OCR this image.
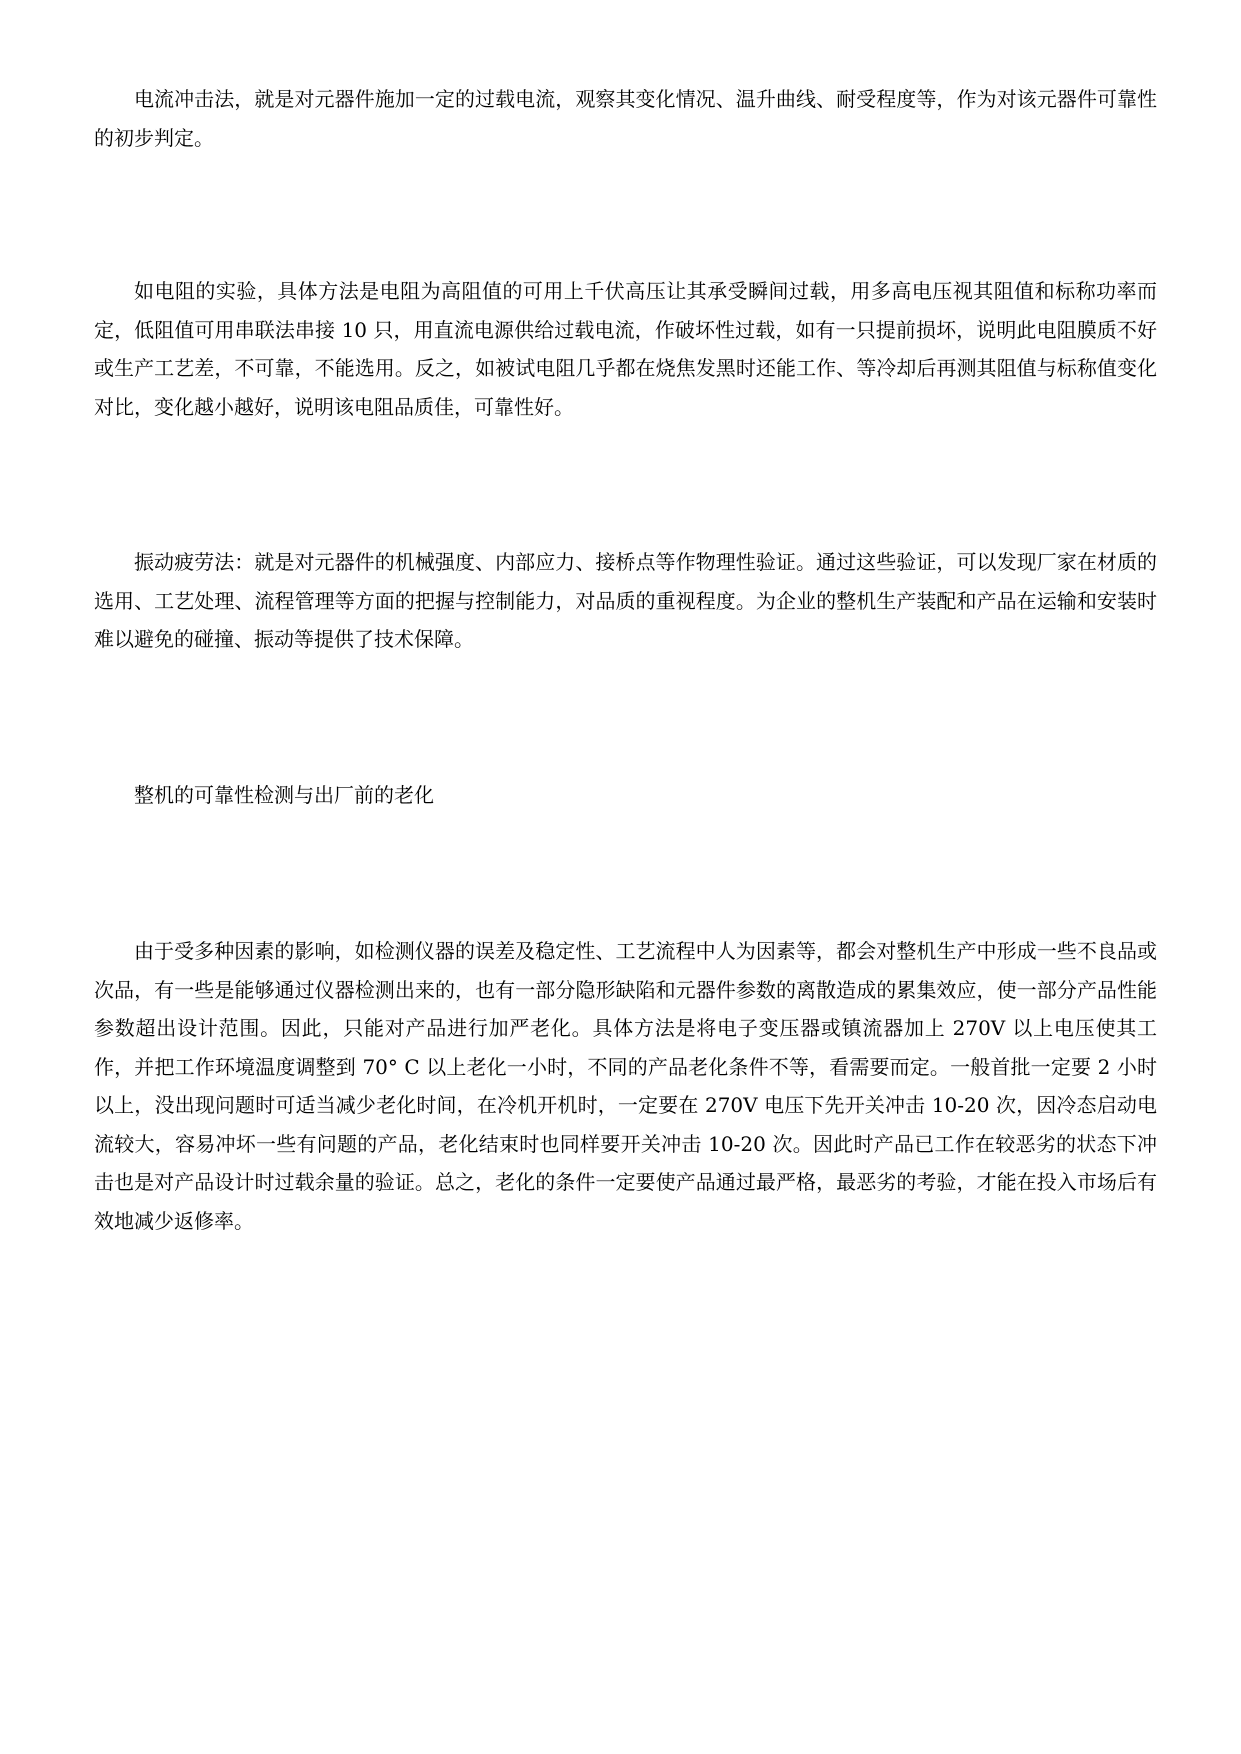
电流冲击法，就是对元器件施加一定的过载电流，观察其变化情况、温升曲线、耐受程度等，作为对该元器件可靠性的初步判定。

如电阻的实验，具体方法是电阻为高阻值的可用上千伏高压让其承受瞬间过载，用多高电压视其阻值和标称功率而定，低阻值可用串联法串接 10 只，用直流电源供给过载电流，作破坏性过载，如有一只提前损坏，说明此电阻膜质不好或生产工艺差，不可靠，不能选用。反之，如被试电阻几乎都在烧焦发黑时还能工作、等冷却后再测其阻值与标称值变化对比，变化越小越好，说明该电阻品质佳，可靠性好。

振动疲劳法：就是对元器件的机械强度、内部应力、接桥点等作物理性验证。通过这些验证，可以发现厂家在材质的选用、工艺处理、流程管理等方面的把握与控制能力，对品质的重视程度。为企业的整机生产装配和产品在运输和安装时难以避免的碰撞、振动等提供了技术保障。

整机的可靠性检测与出厂前的老化

由于受多种因素的影响，如检测仪器的误差及稳定性、工艺流程中人为因素等，都会对整机生产中形成一些不良品或次品，有一些是能够通过仪器检测出来的，也有一部分隐形缺陷和元器件参数的离散造成的累集效应，使一部分产品性能参数超出设计范围。因此，只能对产品进行加严老化。具体方法是将电子变压器或镇流器加上 270V 以上电压使其工作，并把工作环境温度调整到 70° C 以上老化一小时，不同的产品老化条件不等，看需要而定。一般首批一定要 2 小时以上，没出现问题时可适当减少老化时间，在冷机开机时，一定要在 270V 电压下先开关冲击 10-20 次，因冷态启动电流较大，容易冲坏一些有问题的产品，老化结束时也同样要开关冲击 10-20 次。因此时产品已工作在较恶劣的状态下冲击也是对产品设计时过载余量的验证。总之，老化的条件一定要使产品通过最严格，最恶劣的考验，才能在投入市场后有效地减少返修率。
